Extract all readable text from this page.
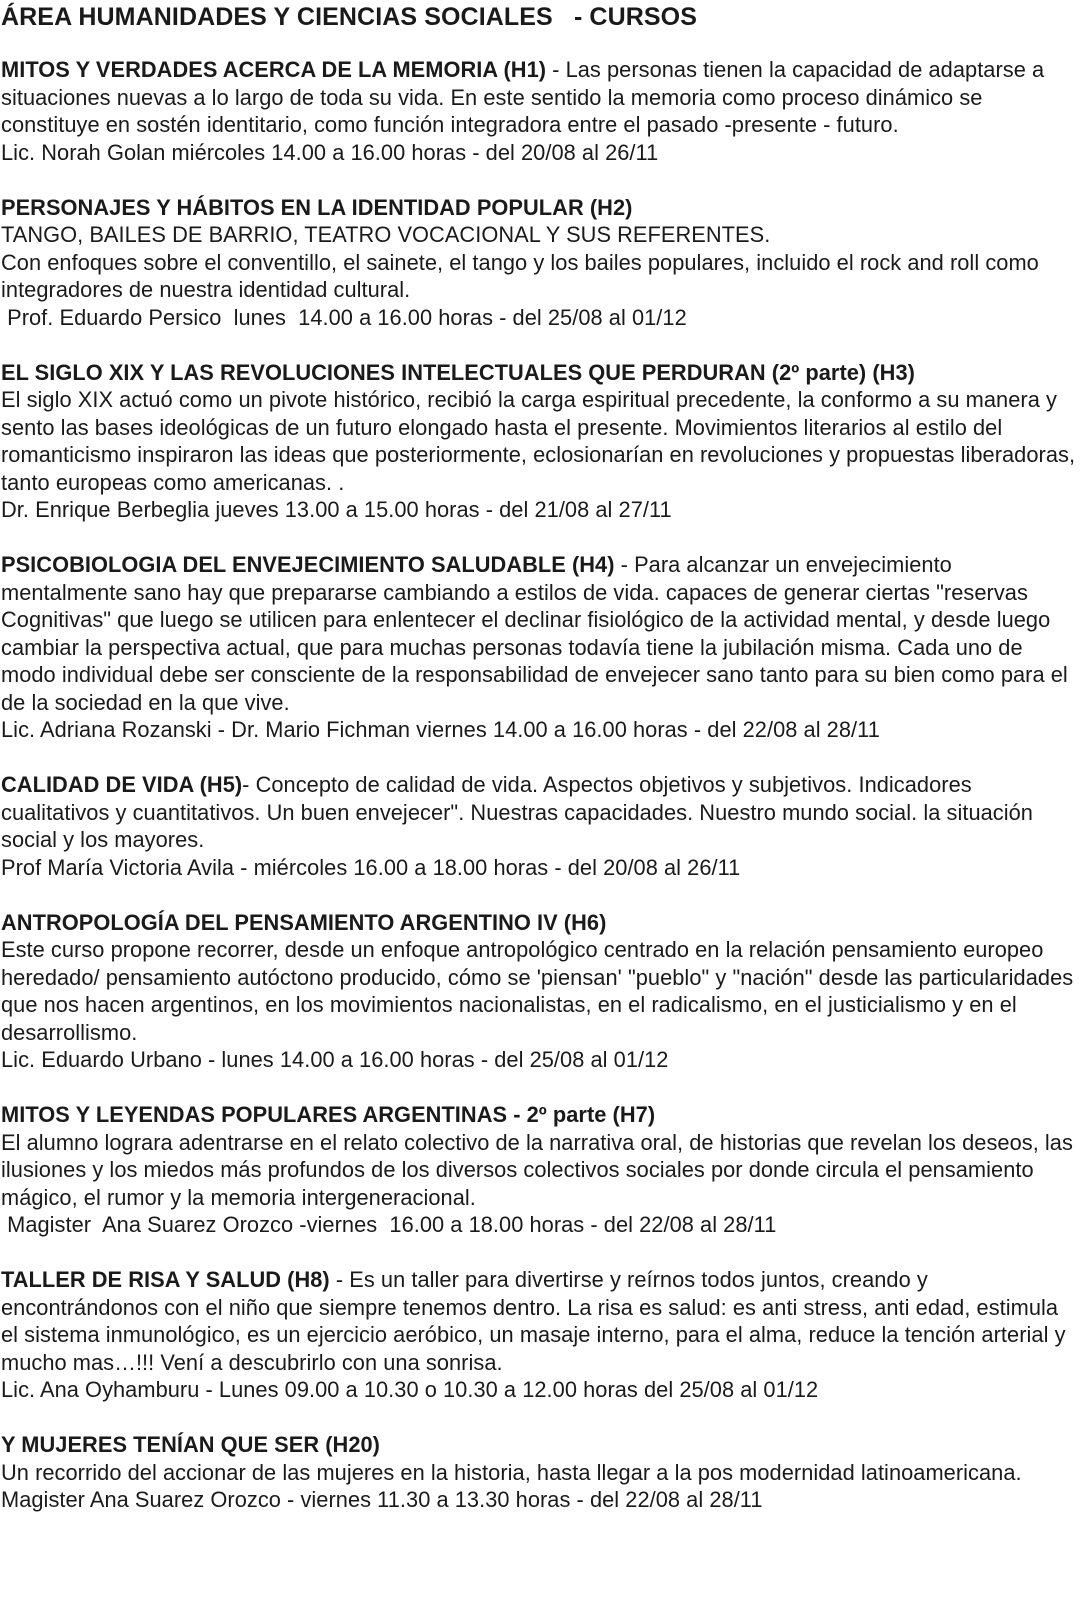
ÁREA HUMANIDADES Y CIENCIAS SOCIALES   - CURSOS

MITOS Y VERDADES ACERCA DE LA MEMORIA (H1) - Las personas tienen la capacidad de adaptarse a situaciones nuevas a lo largo de toda su vida. En este sentido la memoria como proceso dinámico se constituye en sostén identitario, como función integradora entre el pasado -presente - futuro.

Lic. Norah Golan miércoles 14.00 a 16.00 horas - del 20/08 al 26/11

PERSONAJES Y HÁBITOS EN LA IDENTIDAD POPULAR (H2)

TANGO, BAILES DE BARRIO, TEATRO VOCACIONAL Y SUS REFERENTES.

Con enfoques sobre el conventillo, el sainete, el tango y los bailes populares, incluido el rock and roll como integradores de nuestra identidad cultural.

Prof. Eduardo Persico  lunes  14.00 a 16.00 horas - del 25/08 al 01/12

EL SIGLO XIX Y LAS REVOLUCIONES INTELECTUALES QUE PERDURAN (2º parte) (H3)

El siglo XIX actuó como un pivote histórico, recibió la carga espiritual precedente, la conformo a su manera y sento las bases ideológicas de un futuro elongado hasta el presente. Movimientos literarios al estilo del romanticismo inspiraron las ideas que posteriormente, eclosionarían en revoluciones y propuestas liberadoras, tanto europeas como americanas. .

Dr. Enrique Berbeglia jueves 13.00 a 15.00 horas - del 21/08 al 27/11

PSICOBIOLOGIA DEL ENVEJECIMIENTO SALUDABLE (H4) - Para alcanzar un envejecimiento mentalmente sano hay que prepararse cambiando a estilos de vida. capaces de generar ciertas "reservas Cognitivas" que luego se utilicen para enlentecer el declinar fisiológico de la actividad mental, y desde luego cambiar la perspectiva actual, que para muchas personas todavía tiene la jubilación misma. Cada uno de modo individual debe ser consciente de la responsabilidad de envejecer sano tanto para su bien como para el de la sociedad en la que vive.

Lic. Adriana Rozanski - Dr. Mario Fichman viernes 14.00 a 16.00 horas - del 22/08 al 28/11

CALIDAD DE VIDA (H5)- Concepto de calidad de vida. Aspectos objetivos y subjetivos. Indicadores cualitativos y cuantitativos. Un buen envejecer". Nuestras capacidades. Nuestro mundo social. la situación social y los mayores.

Prof María Victoria Avila - miércoles 16.00 a 18.00 horas - del 20/08 al 26/11

ANTROPOLOGÍA DEL PENSAMIENTO ARGENTINO IV (H6)

Este curso propone recorrer, desde un enfoque antropológico centrado en la relación pensamiento europeo heredado/ pensamiento autóctono producido, cómo se 'piensan' "pueblo" y "nación" desde las particularidades que nos hacen argentinos, en los movimientos nacionalistas, en el radicalismo, en el justicialismo y en el desarrollismo.

Lic. Eduardo Urbano - lunes 14.00 a 16.00 horas - del 25/08 al 01/12

MITOS Y LEYENDAS POPULARES ARGENTINAS - 2º parte (H7)

El alumno lograra adentrarse en el relato colectivo de la narrativa oral, de historias que revelan los deseos, las ilusiones y los miedos más profundos de los diversos colectivos sociales por donde circula el pensamiento mágico, el rumor y la memoria intergeneracional.

Magister  Ana Suarez Orozco -viernes  16.00 a 18.00 horas - del 22/08 al 28/11

TALLER DE RISA Y SALUD (H8) - Es un taller para divertirse y reírnos todos juntos, creando y encontrándonos con el niño que siempre tenemos dentro. La risa es salud: es anti stress, anti edad, estimula el sistema inmunológico, es un ejercicio aeróbico, un masaje interno, para el alma, reduce la tención arterial y mucho mas…!!! Vení a descubrirlo con una sonrisa.

Lic. Ana Oyhamburu - Lunes 09.00 a 10.30 o 10.30 a 12.00 horas del 25/08 al 01/12

Y MUJERES TENÍAN QUE SER (H20)

Un recorrido del accionar de las mujeres en la historia, hasta llegar a la pos modernidad latinoamericana.

Magister Ana Suarez Orozco - viernes 11.30 a 13.30 horas - del 22/08 al 28/11
